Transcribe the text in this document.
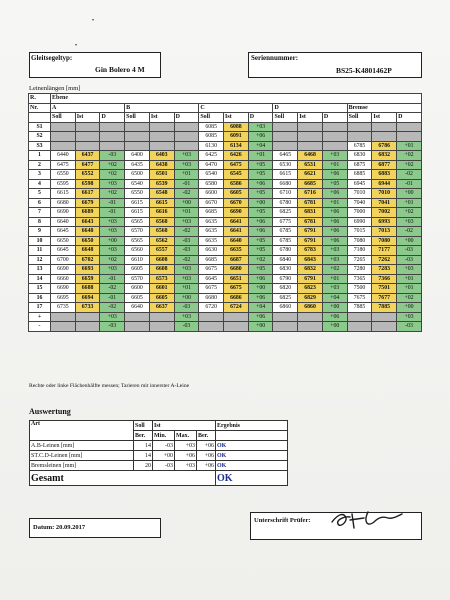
•
•
Gleitsegeltyp:
Gin Bolero 4 M
Seriennummer:
BS25-K4801462P
Leinenlängen [mm]
R.	Ebene														
Nr.	A			B			C			D			Bremse		
	Soll	Ist	D	Soll	Ist	D	Soll	Ist	D	Soll	Ist	D	Soll	Ist	D
S1							6085	6088	+03						
S2							6085	6091	+06						
S3							6130	6134	+04				6785	6786	+01
1	6440	6437	-03	6400	6403	+03	6425	6426	+01	6465	6468	+03	6830	6832	+02
2	6475	6477	+02	6435	6438	+03	6470	6475	+05	6530	6531	+01	6875	6877	+02
3	6550	6552	+02	6500	6501	+01	6540	6545	+05	6615	6621	+06	6885	6883	-02
4	6595	6598	+03	6540	6539	-01	6580	6586	+06	6680	6685	+05	6945	6944	-01
5	6615	6617	+02	6550	6548	-02	6600	6605	+05	6710	6716	+06	7010	7010	+00
6	6680	6679	-01	6615	6615	+00	6670	6670	+00	6780	6781	+01	7040	7041	+01
7	6690	6689	-01	6615	6616	+01	6685	6690	+05	6825	6831	+06	7000	7002	+02
8	6640	6643	+03	6565	6568	+03	6635	6641	+06	6775	6781	+06	6990	6993	+03
9	6645	6648	+03	6570	6568	-02	6635	6641	+06	6785	6791	+06	7015	7013	-02
10	6650	6650	+00	6565	6562	-03	6635	6640	+05	6785	6791	+06	7080	7080	+00
11	6645	6648	+03	6560	6557	-03	6630	6635	+05	6780	6783	+03	7180	7177	-03
12	6700	6702	+02	6610	6608	-02	6685	6687	+02	6840	6843	+03	7265	7262	-03
13	6690	6693	+03	6605	6608	+03	6675	6680	+05	6830	6832	+02	7280	7283	+03
14	6660	6659	-01	6570	6573	+03	6645	6651	+06	6790	6791	+01	7365	7366	+01
15	6690	6688	-02	6600	6601	+01	6675	6675	+00	6820	6823	+03	7500	7501	+01
16	6695	6694	-01	6605	6605	+00	6680	6686	+06	6825	6829	+04	7675	7677	+02
17	6735	6733	-02	6640	6637	-03	6720	6724	+04	6860	6860	+00	7885	7885	+00
+			+03			+03			+06			+06			+03
-			-03			-03			+00			+00			-03
Rechte oder linke Flächenhälfte messen; Tarieren mit innerster A-Leine
Auswertung
Art	Soll	Ist			Ergebnis
	Ber.	Min.	Max.	Ber.	
A.B-Leinen [mm]	14	-03	+03	+06	OK
ST.C.D-Leinen [mm]	14	+00	+06	+06	OK
Bremsleinen [mm]	20	-03	+03	+06	OK
Gesamt					OK
Datum: 20.09.2017
Unterschrift Prüfer:
